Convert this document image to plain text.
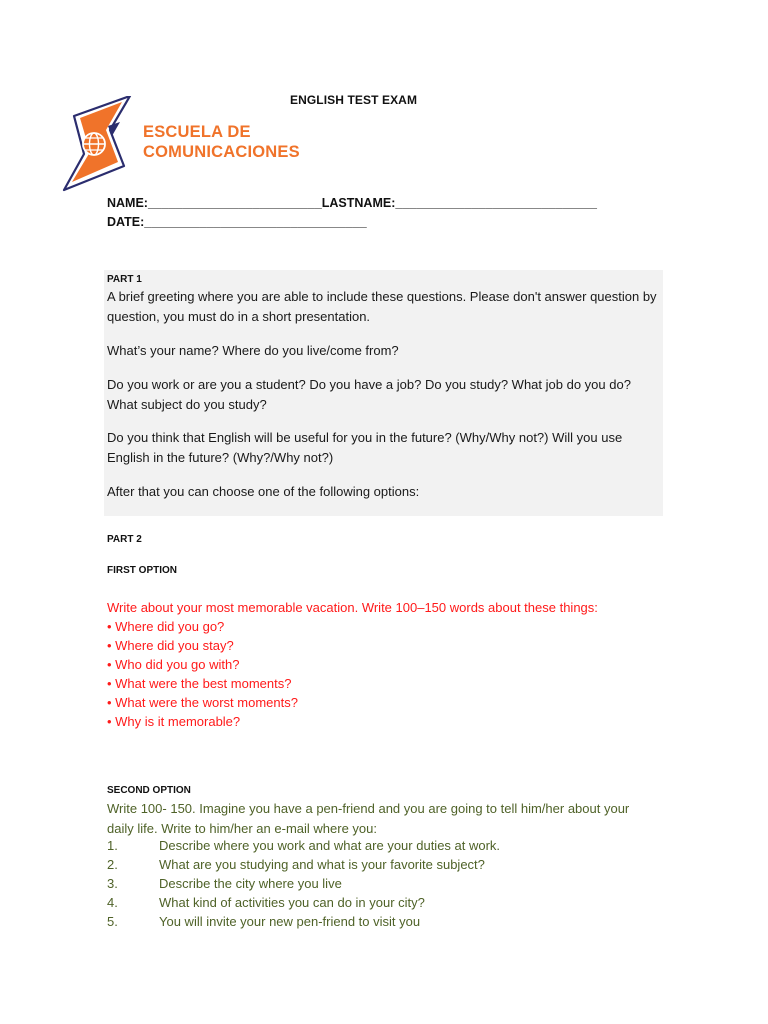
ENGLISH TEST EXAM
ESCUELA DE
COMUNICACIONES
NAME:_________________________LASTNAME:_____________________________
DATE:________________________________
PART 1
A brief greeting where you are able to include these questions. Please don't answer question by question, you must do in a short presentation.
What’s your name? Where do you live/come from?
Do you work or are you a student? Do you have a job? Do you study? What job do you do? What subject do you study?
Do you think that English will be useful for you in the future? (Why/Why not?) Will you use English in the future? (Why?/Why not?)
After that you can choose one of the following options:
PART 2
FIRST OPTION
Write about your most memorable vacation. Write 100–150 words about these things:
• Where did you go?
• Where did you stay?
• Who did you go with?
• What were the best moments?
• What were the worst moments?
• Why is it memorable?
SECOND OPTION
Write 100- 150. Imagine you have a pen-friend and you are going to tell him/her about your daily life. Write to him/her an e-mail where you:
1.	Describe where you work and what are your duties at work.
2.	What are you studying and what is your favorite subject?
3.	Describe the city where you live
4.	What kind of activities you can do in your city?
5.	You will invite your new pen-friend to visit you
